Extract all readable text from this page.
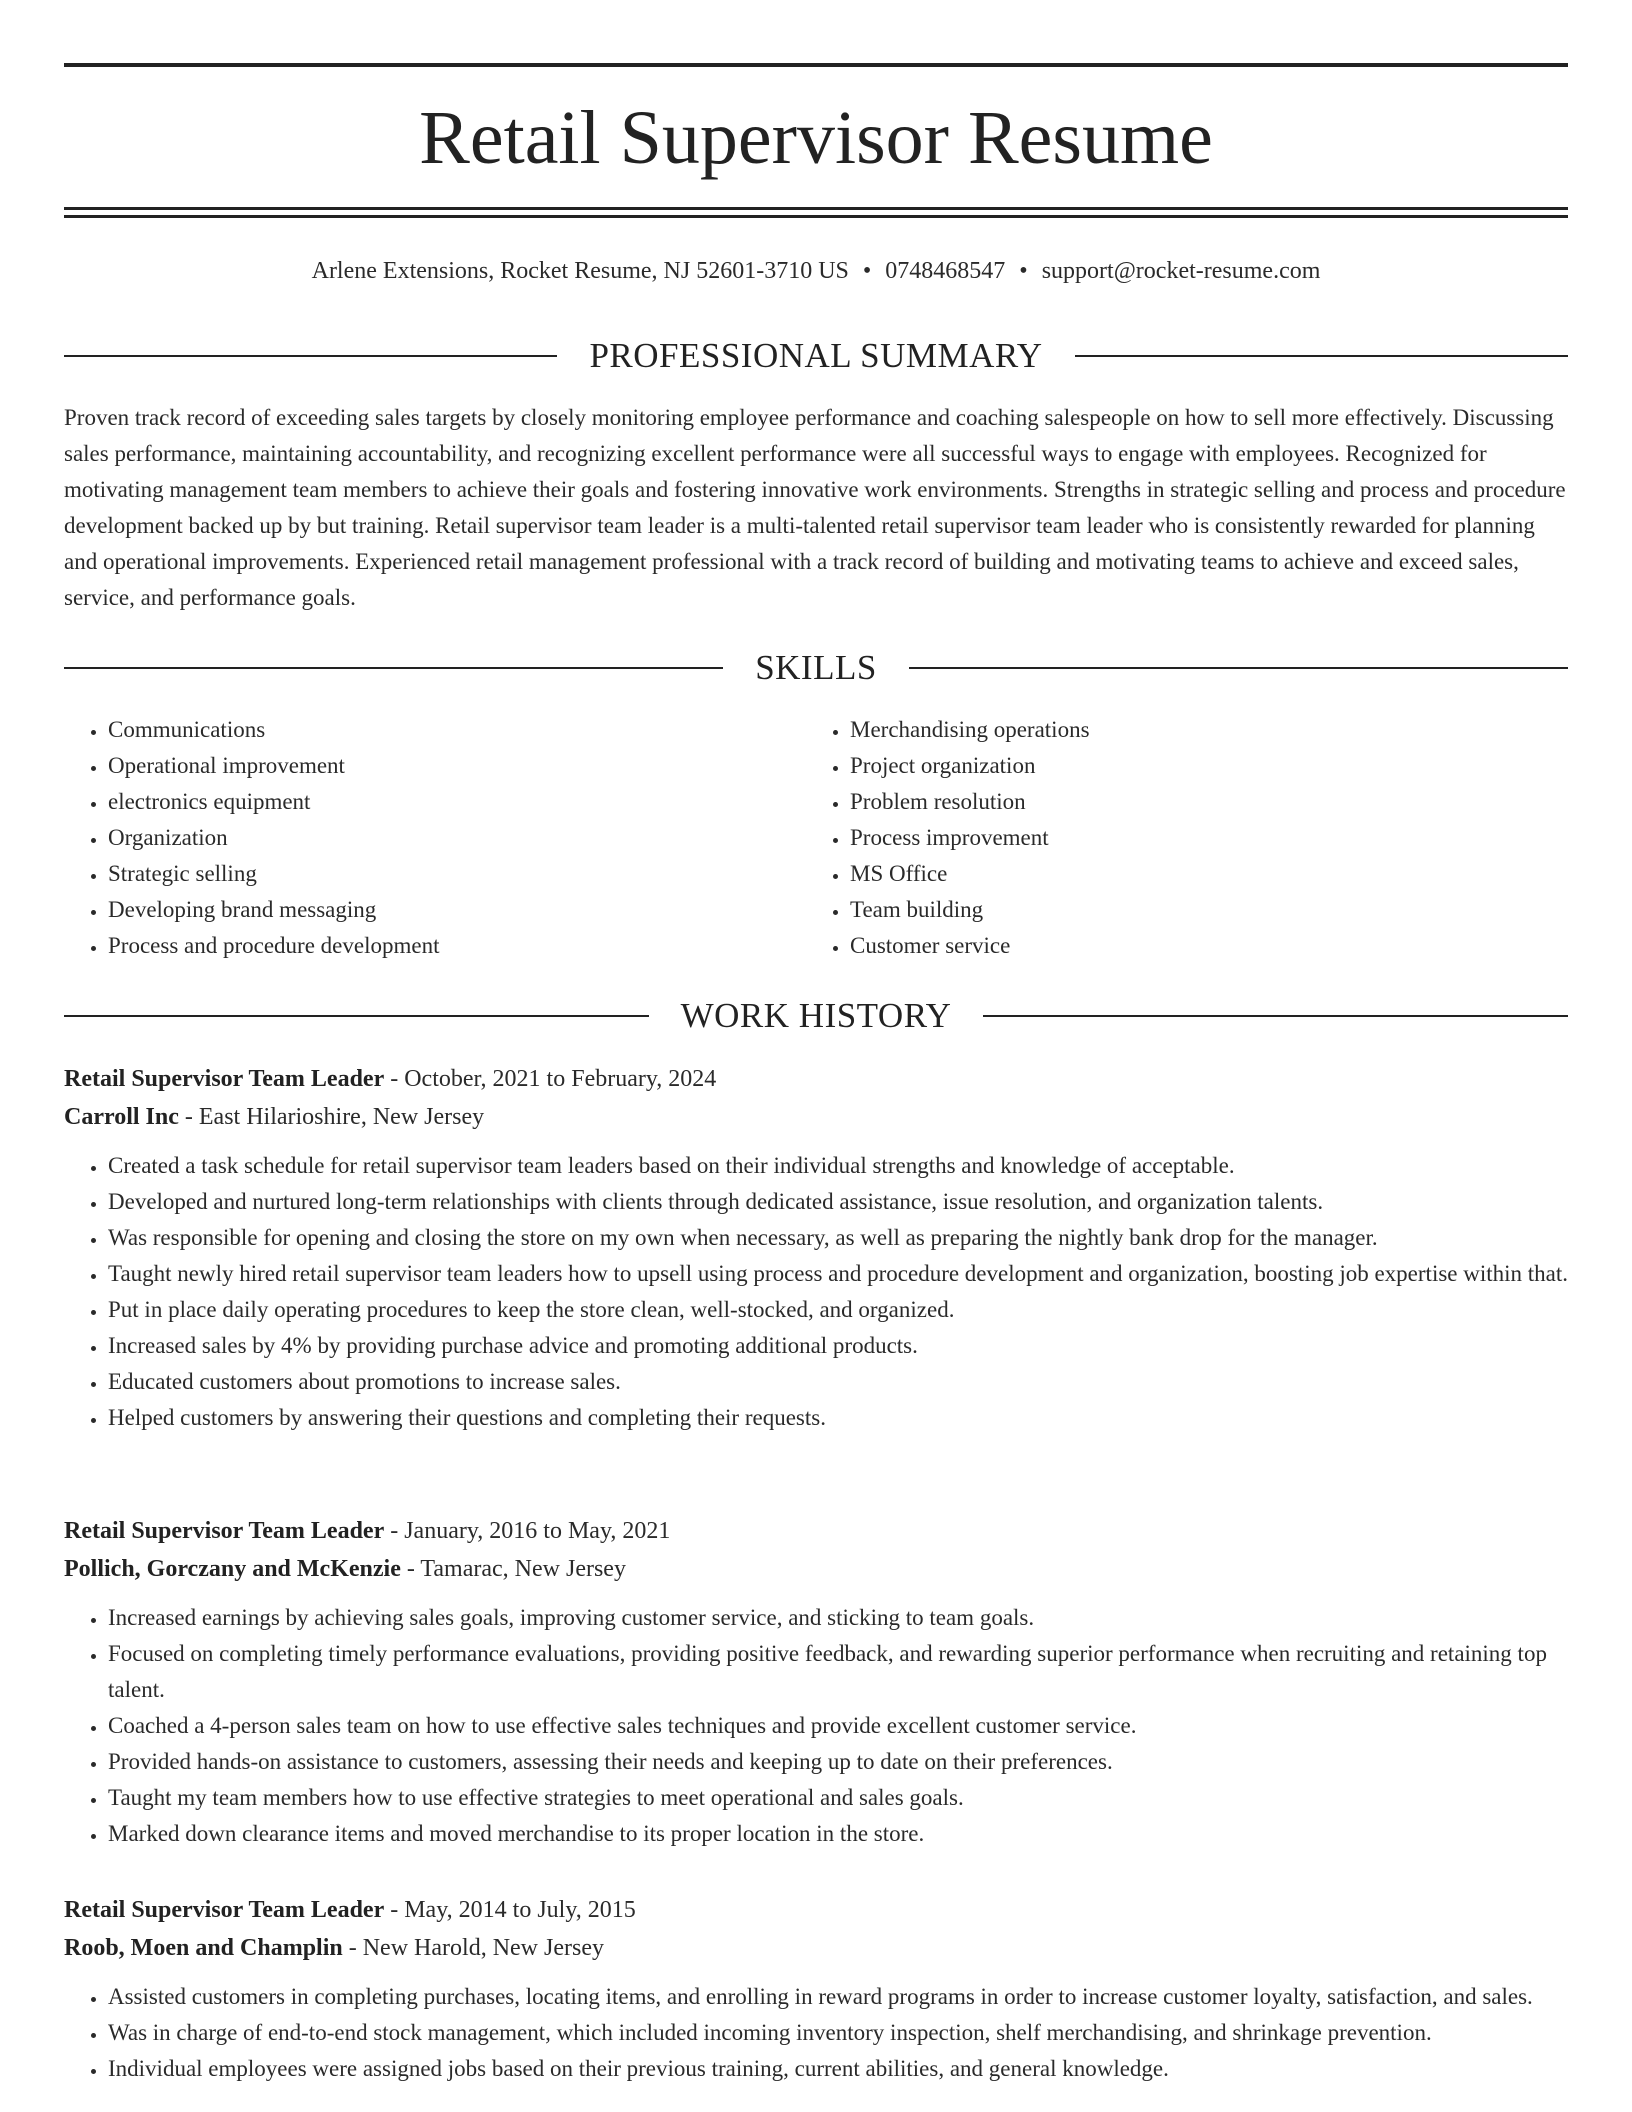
Retail Supervisor Resume
Arlene Extensions, Rocket Resume, NJ 52601-3710 US • 0748468547 • support@rocket-resume.com
PROFESSIONAL SUMMARY

Proven track record of exceeding sales targets by closely monitoring employee performance and coaching salespeople on how to sell more effectively. Discussing sales performance, maintaining accountability, and recognizing excellent performance were all successful ways to engage with employees. Recognized for motivating management team members to achieve their goals and fostering innovative work environments. Strengths in strategic selling and process and procedure development backed up by but training. Retail supervisor team leader is a multi-talented retail supervisor team leader who is consistently rewarded for planning and operational improvements. Experienced retail management professional with a track record of building and motivating teams to achieve and exceed sales, service, and performance goals.

SKILLS
• Communications
• Operational improvement
• electronics equipment
• Organization
• Strategic selling
• Developing brand messaging
• Process and procedure development
• Merchandising operations
• Project organization
• Problem resolution
• Process improvement
• MS Office
• Team building
• Customer service
WORK HISTORY
Retail Supervisor Team Leader - October, 2021 to February, 2024
Carroll Inc - East Hilarioshire, New Jersey
• Created a task schedule for retail supervisor team leaders based on their individual strengths and knowledge of acceptable.
• Developed and nurtured long-term relationships with clients through dedicated assistance, issue resolution, and organization talents.
• Was responsible for opening and closing the store on my own when necessary, as well as preparing the nightly bank drop for the manager.
• Taught newly hired retail supervisor team leaders how to upsell using process and procedure development and organization, boosting job expertise within that.
• Put in place daily operating procedures to keep the store clean, well-stocked, and organized.
• Increased sales by 4% by providing purchase advice and promoting additional products.
• Educated customers about promotions to increase sales.
• Helped customers by answering their questions and completing their requests.
Retail Supervisor Team Leader - January, 2016 to May, 2021
Pollich, Gorczany and McKenzie - Tamarac, New Jersey
• Increased earnings by achieving sales goals, improving customer service, and sticking to team goals.
• Focused on completing timely performance evaluations, providing positive feedback, and rewarding superior performance when recruiting and retaining top talent.
• Coached a 4-person sales team on how to use effective sales techniques and provide excellent customer service.
• Provided hands-on assistance to customers, assessing their needs and keeping up to date on their preferences.
• Taught my team members how to use effective strategies to meet operational and sales goals.
• Marked down clearance items and moved merchandise to its proper location in the store.
Retail Supervisor Team Leader - May, 2014 to July, 2015
Roob, Moen and Champlin - New Harold, New Jersey
• Assisted customers in completing purchases, locating items, and enrolling in reward programs in order to increase customer loyalty, satisfaction, and sales.
• Was in charge of end-to-end stock management, which included incoming inventory inspection, shelf merchandising, and shrinkage prevention.
• Individual employees were assigned jobs based on their previous training, current abilities, and general knowledge.
